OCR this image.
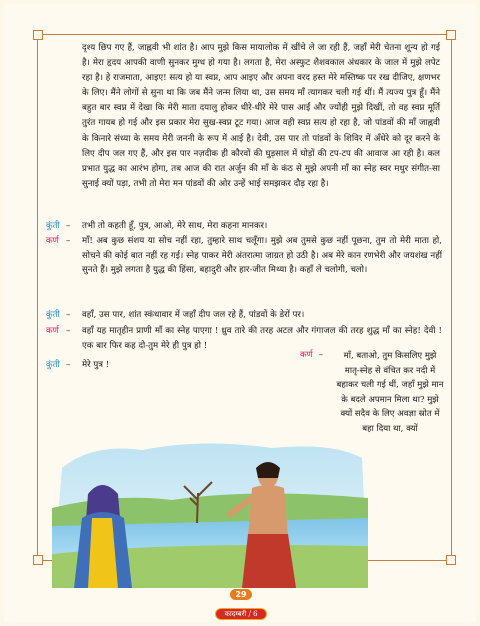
दृश्य छिप गए हैं, जाह्नवी भी शांत है। आप मुझे किस मायालोक में खींचे ले जा रही हैं, जहाँ मेरी चेतना शून्य हो गई है। मेरा हृदय आपकी वाणी सुनकर मुग्ध हो गया है। लगता है, मेरा अस्फुट शैशवकाल अंधकार के जाल में मुझे लपेट रहा है। हे राजमाता, आइए! सत्य हो या स्वप्न, आप आइए और अपना वरद हस्त मेरे मस्तिष्क पर रख दीजिए, क्षणभर के लिए। मैंने लोगों से सुना था कि जब मैंने जन्म लिया था, उस समय माँ त्यागकर चली गई थीं। मैं त्यज्य पुत्र हूँ। मैंने बहुत बार स्वप्न में देखा कि मेरी माता दयालु होकर धीरे-धीरे मेरे पास आईं और ज्योंही मुझे दिखीं, तो वह स्वप्न मूर्ति तुरंत गायब हो गई और इस प्रकार मेरा सुख-स्वप्न टूट गया। आज वही स्वप्न सत्य हो रहा है, जो पांडवों की माँ जाह्नवी के किनारे संध्या के समय मेरी जननी के रूप में आई है। देवी, उस पार तो पांडवों के शिविर में अँधेरे को दूर करने के लिए दीप जल गए हैं, और इस पार नज़दीक ही कौरवों की घुड़साल में घोड़ों की टप-टप की आवाज आ रही है। कल प्रभात युद्ध का आरंभ होगा, तब आज की रात अर्जुन की माँ के कंठ से मुझे अपनी माँ का स्नेह स्वर मधुर संगीत-सा सुनाई क्यों पड़ा, तभी तो मेरा मन पांडवों की ओर उन्हें भाई समझकर दौड़ रहा है।
कुंती – तभी तो कहती हूँ, पुत्र, आओ, मेरे साथ, मेरा कहना मानकर।
कर्ण – माँ! अब कुछ संशय या सोच नहीं रहा, तुम्हारे साथ चलूँगा। मुझे अब तुमसे कुछ नहीं पूछना, तुम तो मेरी माता हो, सोचने की कोई बात नहीं रह गई। स्नेह पाकर मेरी अंतरात्मा जाग्रत हो उठी है। अब मेरे कान रणभेरी और जयशंख नहीं सुनते हैं। मुझे लगता है युद्ध की हिंसा, बहादुरी और हार-जीत मिथ्या है। कहाँ ले चलोगी, चलो।
कुंती – वहाँ, उस पार, शांत स्कंधावार में जहाँ दीप जल रहे हैं, पांडवों के डेरों पर।
कर्ण – वहाँ यह मातृहीन प्राणी माँ का स्नेह पाएगा ! ध्रुव तारे की तरह अटल और गंगाजल की तरह शुद्ध माँ का स्नेह! देवी ! एक बार फिर कह दो-तुम मेरे ही पुत्र हो !
कुंती – मेरे पुत्र !
कर्ण –	माँ, बताओ, तुम किसलिए मुझे मातृ-स्नेह से वंचित कर नदी में बहाकर चली गई थीं, जहाँ मुझे मान के बदले अपमान मिला था? मुझे क्यों सदैव के लिए अवज्ञा स्रोत में बहा दिया था, क्यों
29
कादम्बरी / 6
